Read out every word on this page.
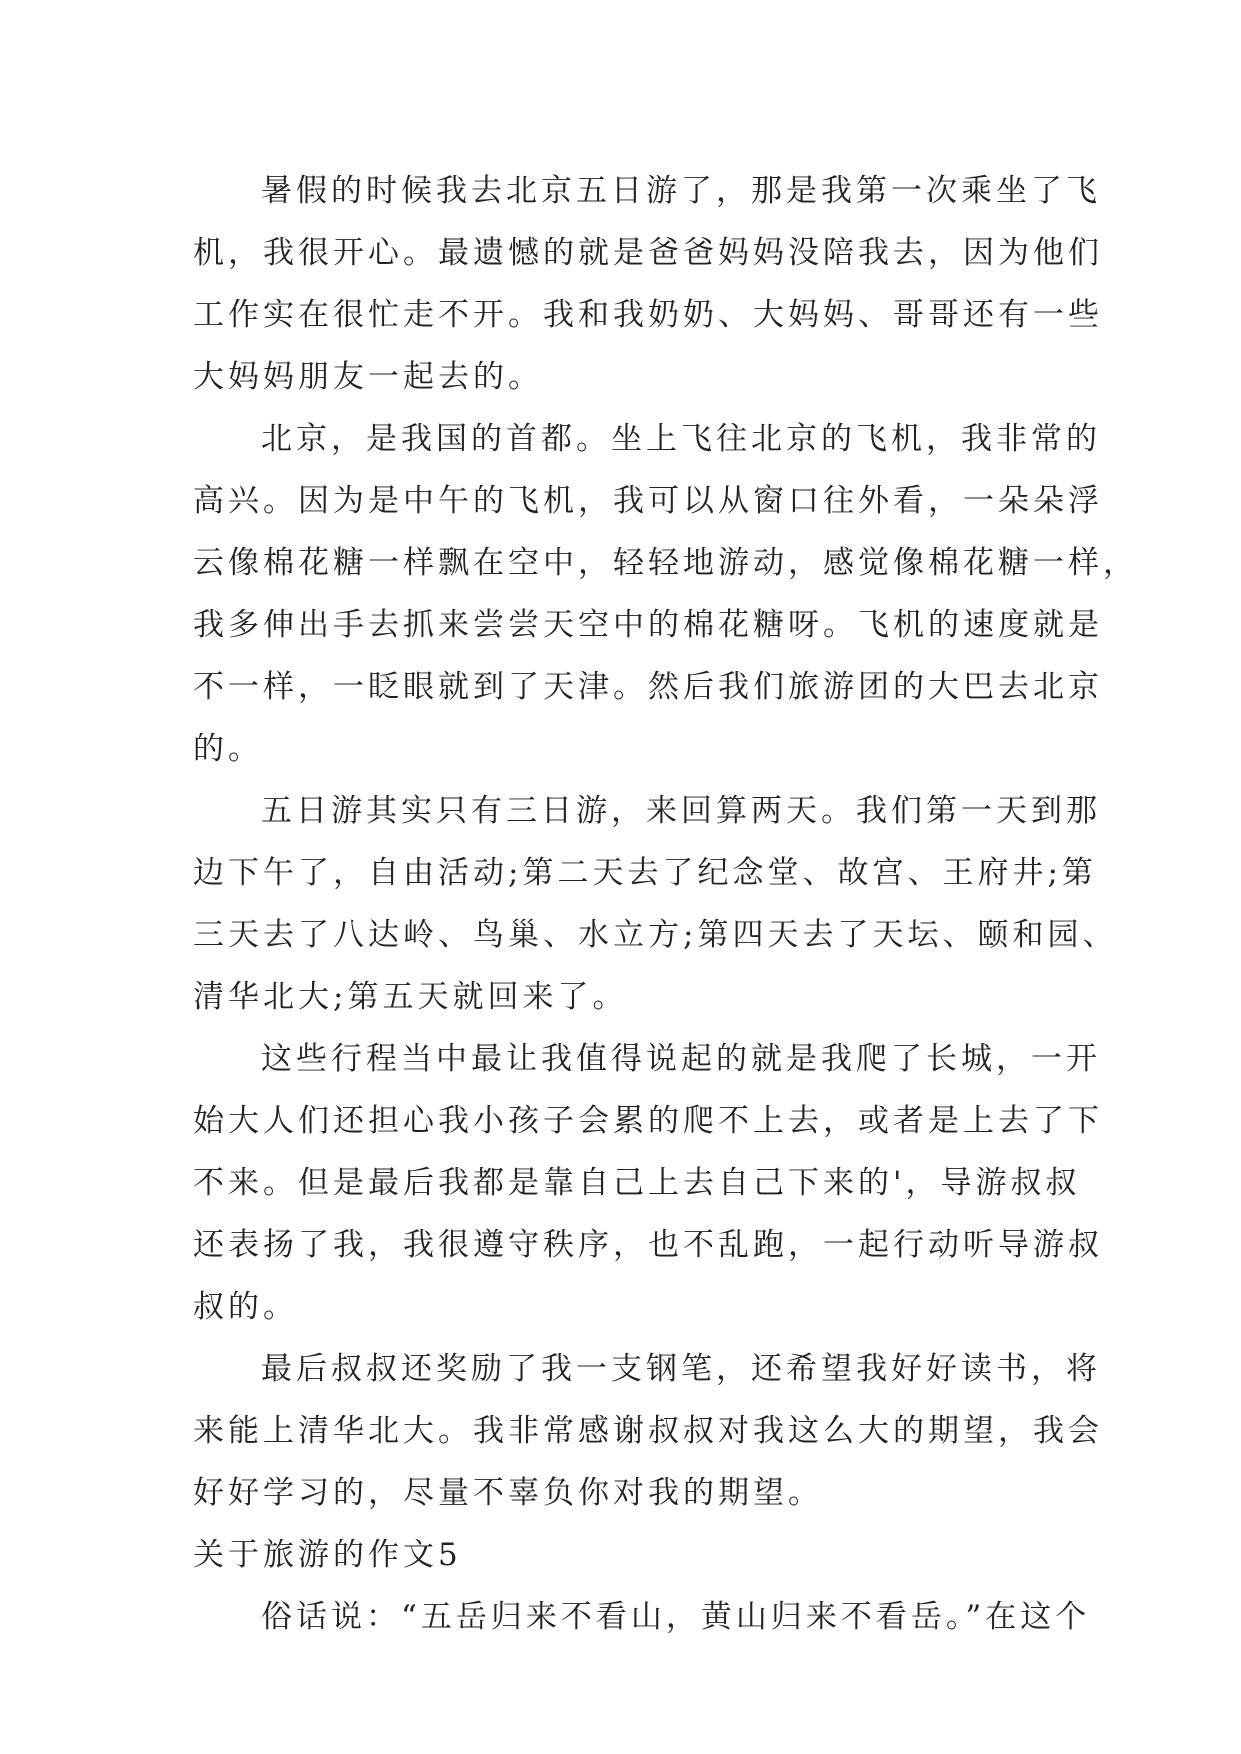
暑假的时候我去北京五日游了，那是我第一次乘坐了飞
机，我很开心。最遗憾的就是爸爸妈妈没陪我去，因为他们
工作实在很忙走不开。我和我奶奶、大妈妈、哥哥还有一些
大妈妈朋友一起去的。
北京，是我国的首都。坐上飞往北京的飞机，我非常的
高兴。因为是中午的飞机，我可以从窗口往外看，一朵朵浮
云像棉花糖一样飘在空中，轻轻地游动，感觉像棉花糖一样，
我多伸出手去抓来尝尝天空中的棉花糖呀。飞机的速度就是
不一样，一眨眼就到了天津。然后我们旅游团的大巴去北京
的。
五日游其实只有三日游，来回算两天。我们第一天到那
边下午了，自由活动;第二天去了纪念堂、故宫、王府井;第
三天去了八达岭、鸟巢、水立方;第四天去了天坛、颐和园、
清华北大;第五天就回来了。
这些行程当中最让我值得说起的就是我爬了长城，一开
始大人们还担心我小孩子会累的爬不上去，或者是上去了下
不来。但是最后我都是靠自己上去自己下来的'，导游叔叔
还表扬了我，我很遵守秩序，也不乱跑，一起行动听导游叔
叔的。
最后叔叔还奖励了我一支钢笔，还希望我好好读书，将
来能上清华北大。我非常感谢叔叔对我这么大的期望，我会
好好学习的，尽量不辜负你对我的期望。
关于旅游的作文5
俗话说：“五岳归来不看山，黄山归来不看岳。”在这个
